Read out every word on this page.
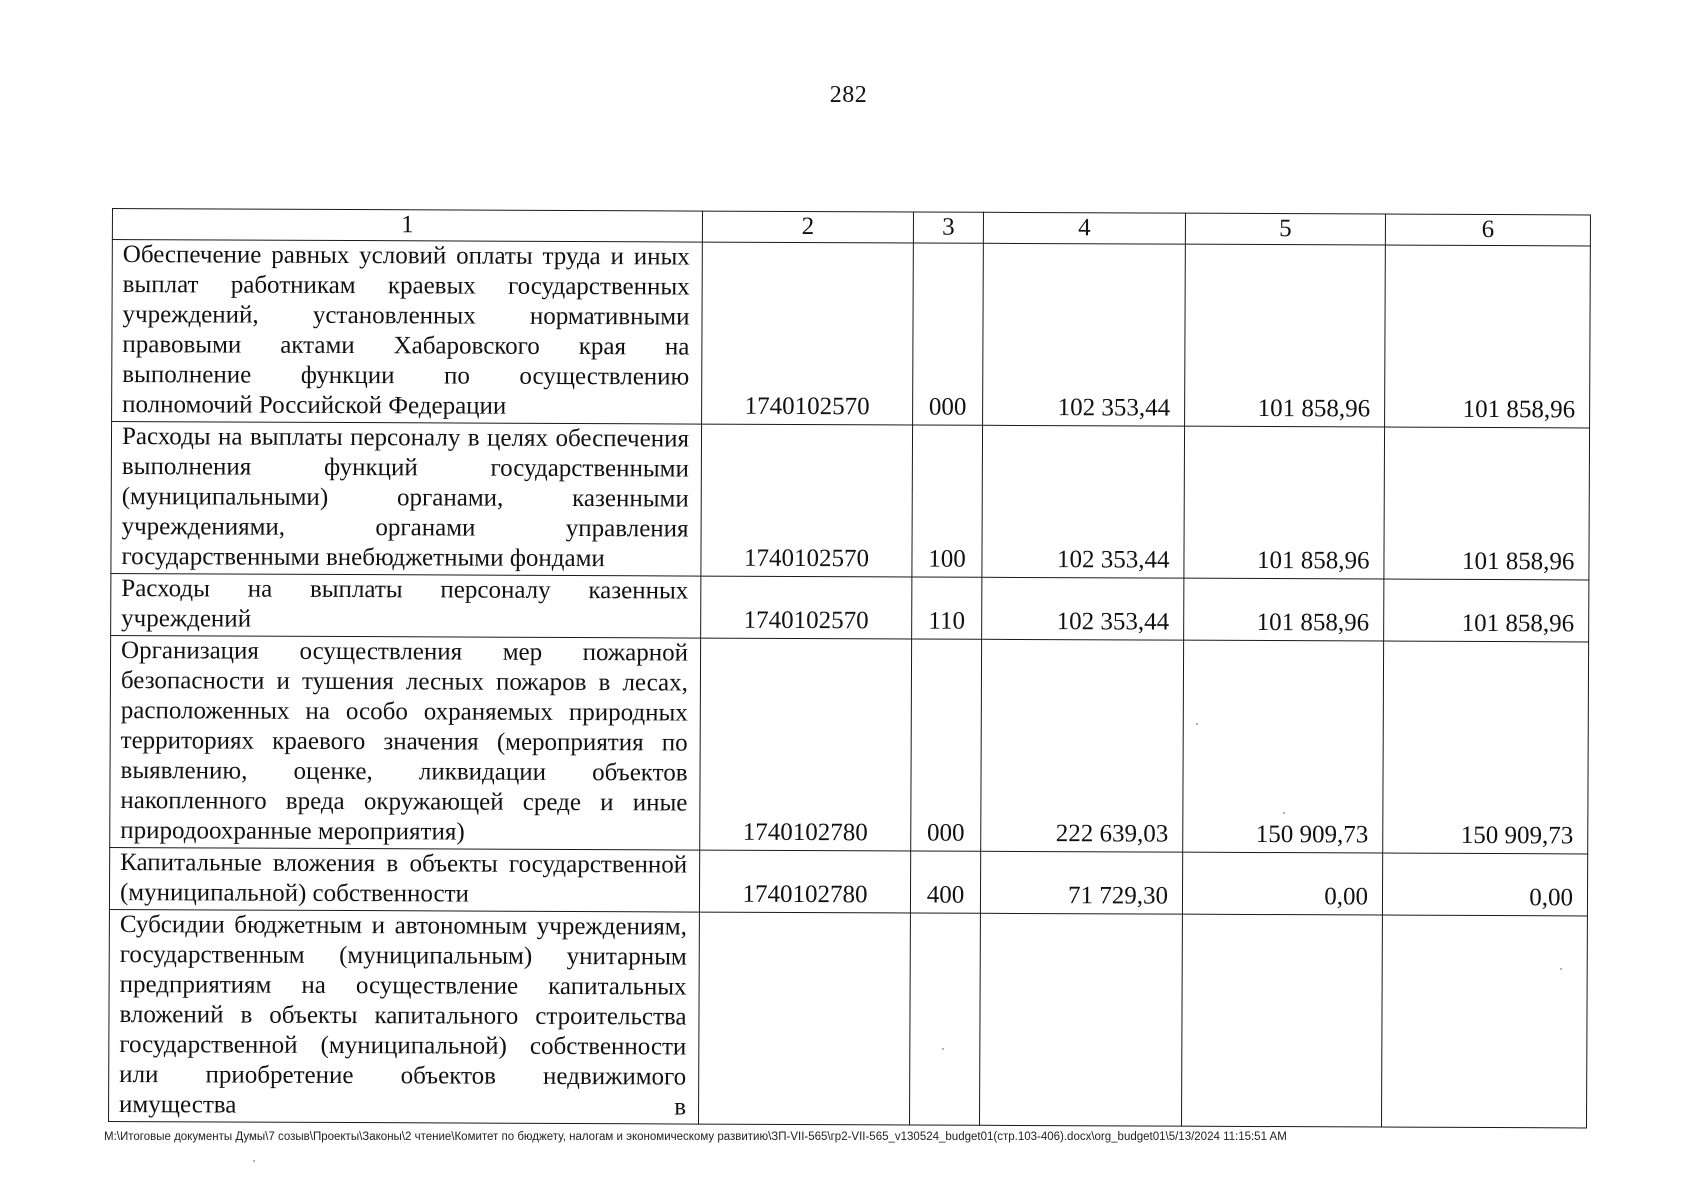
282
1	2	3	4	5	6
Обеспечение равных условий оплаты труда и иных выплат работникам краевых государственных учреждений, установленных нормативными правовыми актами Хабаровского края на выполнение функции по осуществлению полномочий Российской Федерации	1740102570	000	102 353,44	101 858,96	101 858,96
Расходы на выплаты персоналу в целях обеспечения выполнения функций государственными (муниципальными) органами, казенными учреждениями, органами управления государственными внебюджетными фондами	1740102570	100	102 353,44	101 858,96	101 858,96
Расходы на выплаты персоналу казенных учреждений	1740102570	110	102 353,44	101 858,96	101 858,96
Организация осуществления мер пожарной безопасности и тушения лесных пожаров в лесах, расположенных на особо охраняемых природных территориях краевого значения (мероприятия по выявлению, оценке, ликвидации объектов накопленного вреда окружающей среде и иные природоохранные мероприятия)	1740102780	000	222 639,03	150 909,73	150 909,73
Капитальные вложения в объекты государственной (муниципальной) собственности	1740102780	400	71 729,30	0,00	0,00
Субсидии бюджетным и автономным учреждениям, государственным (муниципальным) унитарным предприятиям на осуществление капитальных вложений в объекты капитального строительства государственной (муниципальной) собственности или приобретение объектов недвижимого имущества в					
M:\Итоговые документы Думы\7 созыв\Проекты\Законы\2 чтение\Комитет по бюджету, налогам и экономическому развитию\ЗП-VII-565\гр2-VII-565_v130524_budget01(стр.103-406).docx\org_budget01\5/13/2024 11:15:51 AM
